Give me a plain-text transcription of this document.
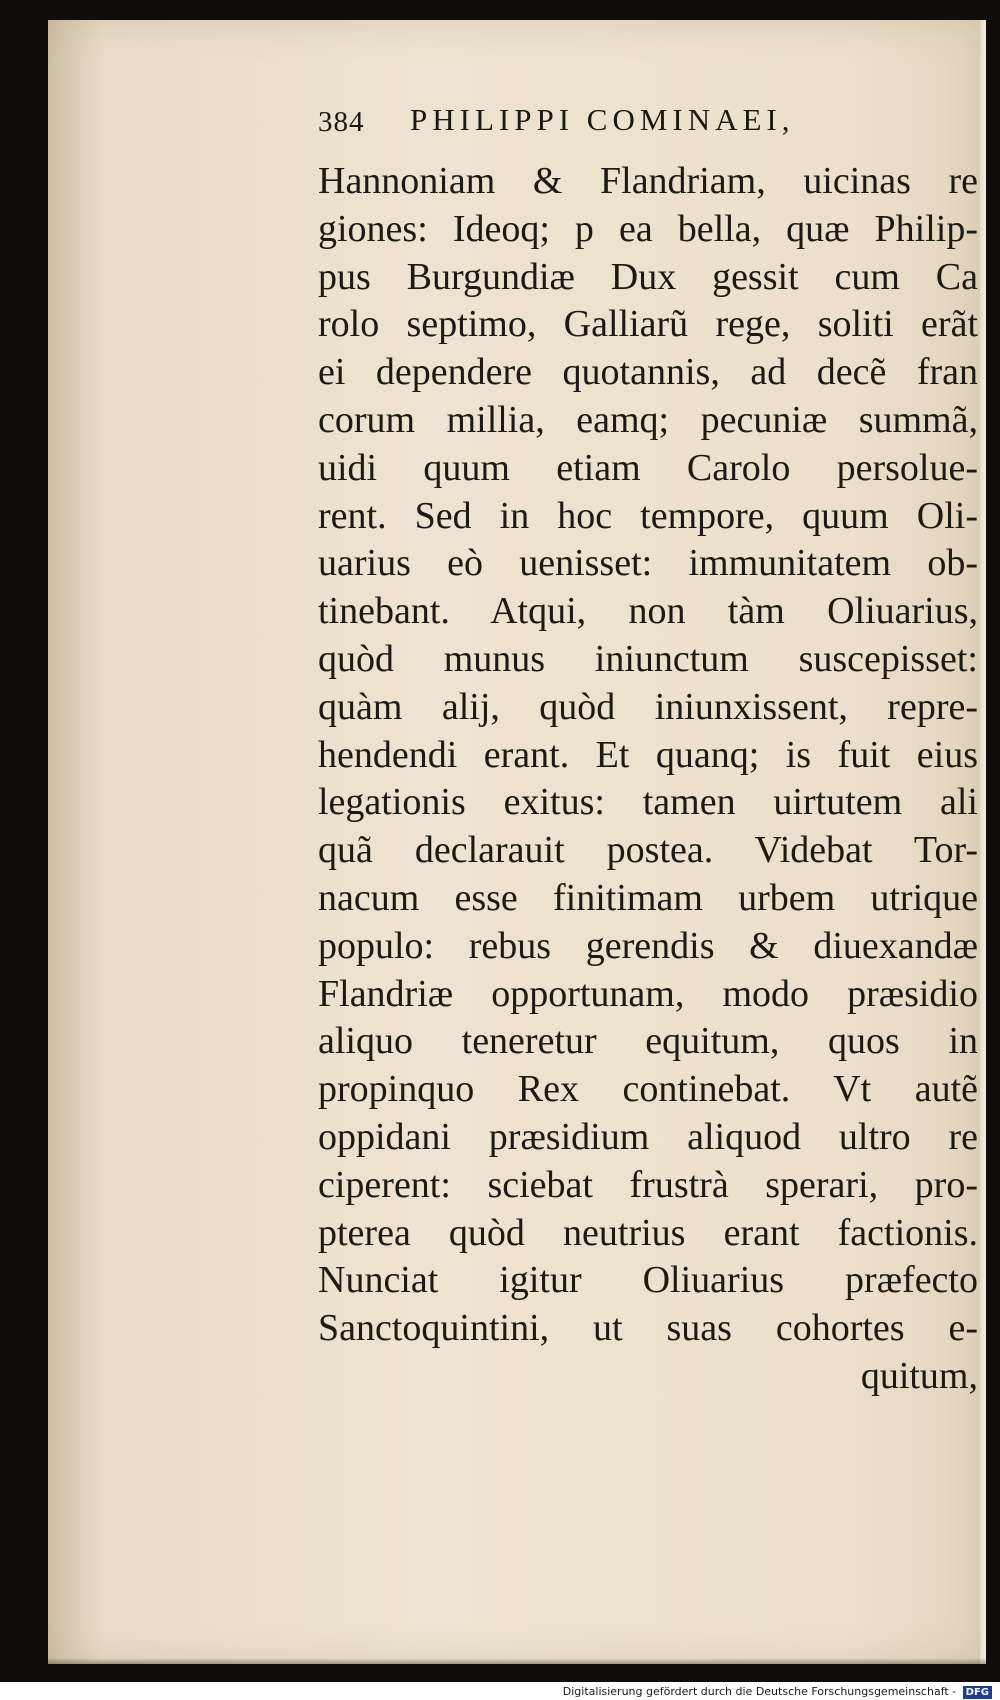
384 PHILIPPI COMINAEI,
Hannoniam & Flandriam, uicinas re
giones: Ideoq; p ea bella, quæ Philip-
pus Burgundiæ Dux gessit cum Ca
rolo septimo, Galliarũ rege, soliti erãt
ei dependere quotannis, ad decẽ fran
corum millia, eamq; pecuniæ summã,
uidi quum etiam Carolo persolue-
rent. Sed in hoc tempore, quum Oli-
uarius eò uenisset: immunitatem ob-
tinebant. Atqui, non tàm Oliuarius,
quòd munus iniunctum suscepisset:
quàm alij, quòd iniunxissent, repre-
hendendi erant. Et quanq; is fuit eius
legationis exitus: tamen uirtutem ali
quã declarauit postea. Videbat Tor-
nacum esse finitimam urbem utrique
populo: rebus gerendis & diuexandæ
Flandriæ opportunam, modo præsidio
aliquo teneretur equitum, quos in
propinquo Rex continebat. Vt autẽ
oppidani præsidium aliquod ultro re
ciperent: sciebat frustrà sperari, pro-
pterea quòd neutrius erant factionis.
Nunciat igitur Oliuarius præfecto
Sanctoquintini, ut suas cohortes e-
quitum,
Digitalisierung gefördert durch die Deutsche Forschungsgemeinschaft - DFG
